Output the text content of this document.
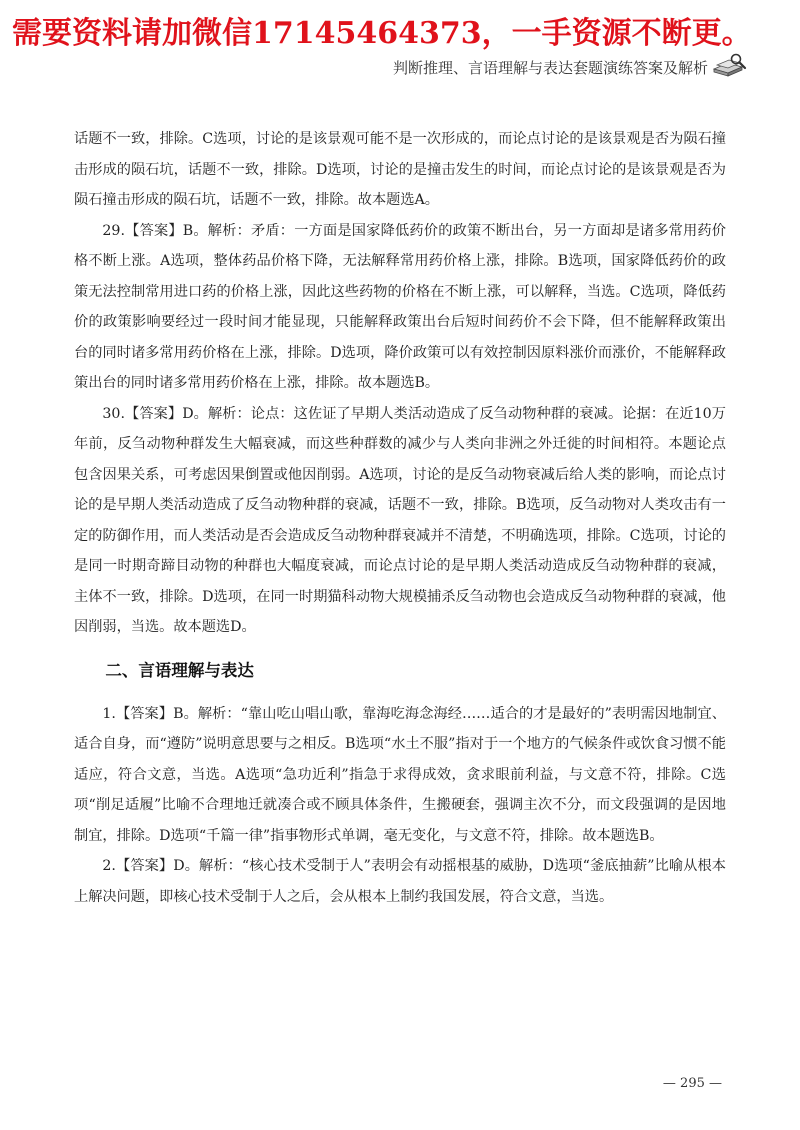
需要资料请加微信17145464373，一手资源不断更。
判断推理、言语理解与表达套题演练答案及解析

话题不一致，排除。C选项，讨论的是该景观可能不是一次形成的，而论点讨论的是该景观是否为陨石撞击形成的陨石坑，话题不一致，排除。D选项，讨论的是撞击发生的时间，而论点讨论的是该景观是否为陨石撞击形成的陨石坑，话题不一致，排除。故本题选A。

29.【答案】B。解析：矛盾：一方面是国家降低药价的政策不断出台，另一方面却是诸多常用药价格不断上涨。A选项，整体药品价格下降，无法解释常用药价格上涨，排除。B选项，国家降低药价的政策无法控制常用进口药的价格上涨，因此这些药物的价格在不断上涨，可以解释，当选。C选项，降低药价的政策影响要经过一段时间才能显现，只能解释政策出台后短时间药价不会下降，但不能解释政策出台的同时诸多常用药价格在上涨，排除。D选项，降价政策可以有效控制因原料涨价而涨价，不能解释政策出台的同时诸多常用药价格在上涨，排除。故本题选B。

30.【答案】D。解析：论点：这佐证了早期人类活动造成了反刍动物种群的衰减。论据：在近10万年前，反刍动物种群发生大幅衰减，而这些种群数的减少与人类向非洲之外迁徙的时间相符。本题论点包含因果关系，可考虑因果倒置或他因削弱。A选项，讨论的是反刍动物衰减后给人类的影响，而论点讨论的是早期人类活动造成了反刍动物种群的衰减，话题不一致，排除。B选项，反刍动物对人类攻击有一定的防御作用，而人类活动是否会造成反刍动物种群衰减并不清楚，不明确选项，排除。C选项，讨论的是同一时期奇蹄目动物的种群也大幅度衰减，而论点讨论的是早期人类活动造成反刍动物种群的衰减，主体不一致，排除。D选项，在同一时期猫科动物大规模捕杀反刍动物也会造成反刍动物种群的衰减，他因削弱，当选。故本题选D。

二、言语理解与表达

1.【答案】B。解析：“靠山吃山唱山歌，靠海吃海念海经……适合的才是最好的”表明需因地制宜、适合自身，而“遵防”说明意思要与之相反。B选项“水土不服”指对于一个地方的气候条件或饮食习惯不能适应，符合文意，当选。A选项“急功近利”指急于求得成效，贪求眼前利益，与文意不符，排除。C选项“削足适履”比喻不合理地迁就凑合或不顾具体条件，生搬硬套，强调主次不分，而文段强调的是因地制宜，排除。D选项“千篇一律”指事物形式单调，毫无变化，与文意不符，排除。故本题选B。

2.【答案】D。解析：“核心技术受制于人”表明会有动摇根基的威胁，D选项“釜底抽薪”比喻从根本上解决问题，即核心技术受制于人之后，会从根本上制约我国发展，符合文意，当选。

— 295 —
